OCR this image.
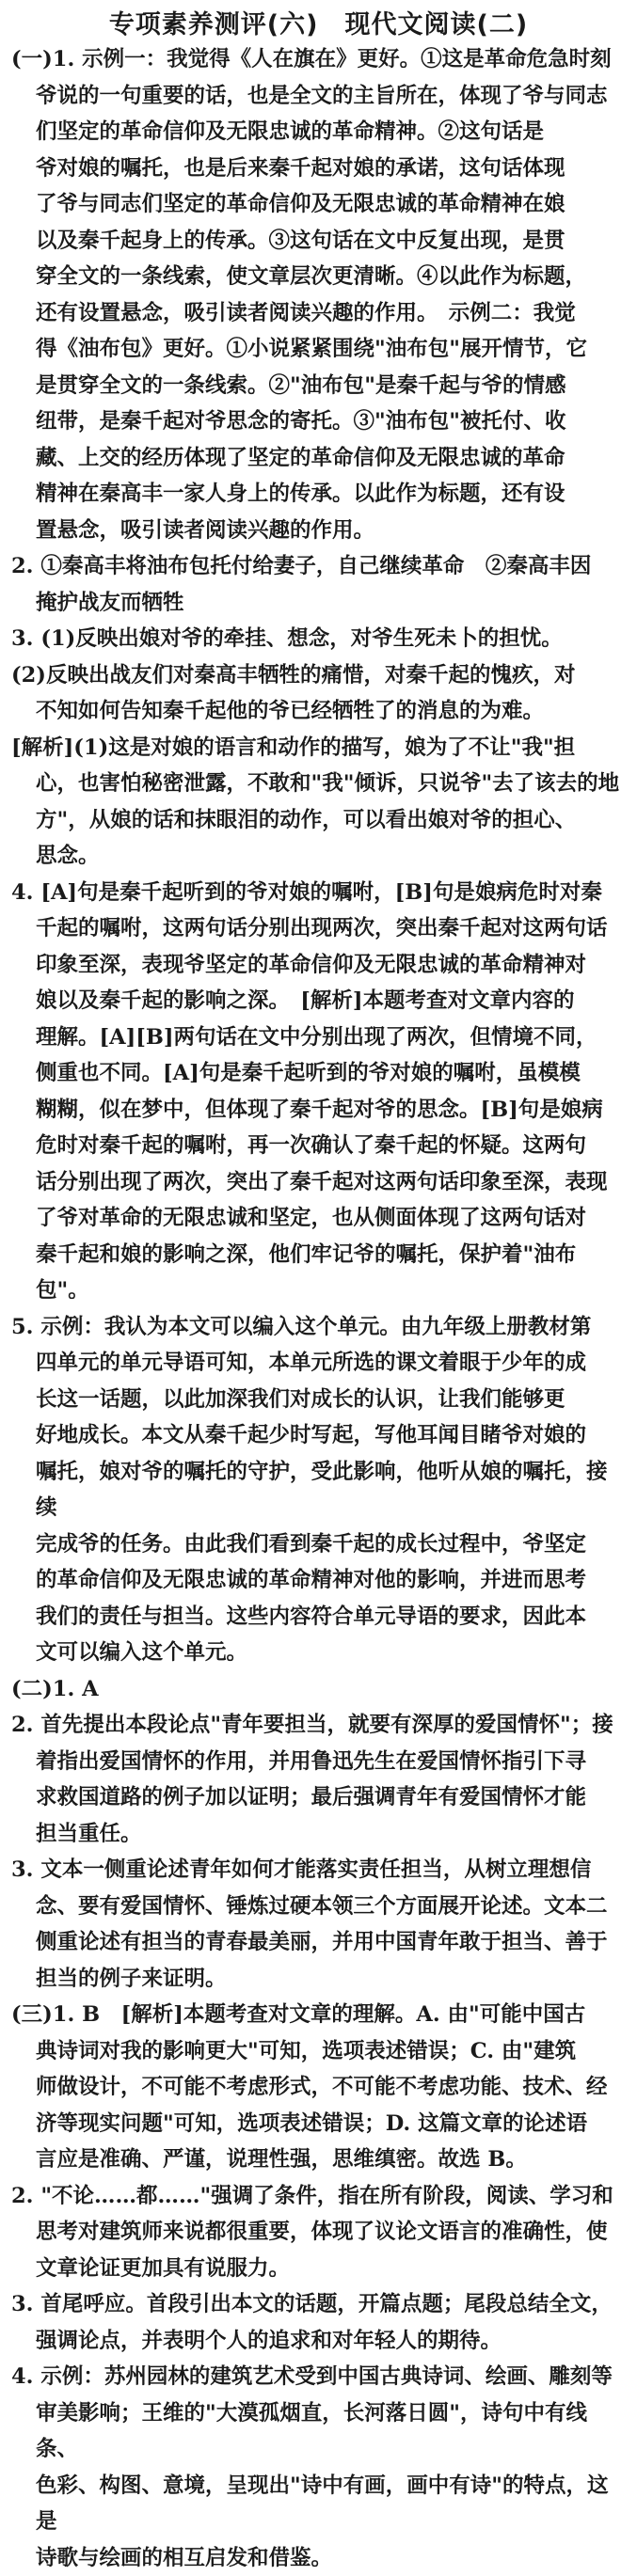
专项素养测评(六)　现代文阅读(二)
(一)1. 示例一：我觉得《人在旗在》更好。①这是革命危急时刻
爷说的一句重要的话，也是全文的主旨所在，体现了爷与同志
们坚定的革命信仰及无限忠诚的革命精神。②这句话是
爷对娘的嘱托，也是后来秦千起对娘的承诺，这句话体现
了爷与同志们坚定的革命信仰及无限忠诚的革命精神在娘
以及秦千起身上的传承。③这句话在文中反复出现，是贯
穿全文的一条线索，使文章层次更清晰。④以此作为标题，
还有设置悬念，吸引读者阅读兴趣的作用。　示例二：我觉
得《油布包》更好。①小说紧紧围绕"油布包"展开情节，它
是贯穿全文的一条线索。②"油布包"是秦千起与爷的情感
纽带，是秦千起对爷思念的寄托。③"油布包"被托付、收
藏、上交的经历体现了坚定的革命信仰及无限忠诚的革命
精神在秦高丰一家人身上的传承。以此作为标题，还有设
置悬念，吸引读者阅读兴趣的作用。
2. ①秦高丰将油布包托付给妻子，自己继续革命　②秦高丰因
掩护战友而牺牲
3. (1)反映出娘对爷的牵挂、想念，对爷生死未卜的担忧。
(2)反映出战友们对秦高丰牺牲的痛惜，对秦千起的愧疚，对
不知如何告知秦千起他的爷已经牺牲了的消息的为难。
[解析](1)这是对娘的语言和动作的描写，娘为了不让"我"担
心，也害怕秘密泄露，不敢和"我"倾诉，只说爷"去了该去的地
方"，从娘的话和抹眼泪的动作，可以看出娘对爷的担心、
思念。
4. [A]句是秦千起听到的爷对娘的嘱咐，[B]句是娘病危时对秦
千起的嘱咐，这两句话分别出现两次，突出秦千起对这两句话
印象至深，表现爷坚定的革命信仰及无限忠诚的革命精神对
娘以及秦千起的影响之深。　[解析]本题考查对文章内容的
理解。[A][B]两句话在文中分别出现了两次，但情境不同，
侧重也不同。[A]句是秦千起听到的爷对娘的嘱咐，虽模模
糊糊，似在梦中，但体现了秦千起对爷的思念。[B]句是娘病
危时对秦千起的嘱咐，再一次确认了秦千起的怀疑。这两句
话分别出现了两次，突出了秦千起对这两句话印象至深，表现
了爷对革命的无限忠诚和坚定，也从侧面体现了这两句话对
秦千起和娘的影响之深，他们牢记爷的嘱托，保护着"油布包"。
5. 示例：我认为本文可以编入这个单元。由九年级上册教材第
四单元的单元导语可知，本单元所选的课文着眼于少年的成
长这一话题，以此加深我们对成长的认识，让我们能够更
好地成长。本文从秦千起少时写起，写他耳闻目睹爷对娘的
嘱托，娘对爷的嘱托的守护，受此影响，他听从娘的嘱托，接续
完成爷的任务。由此我们看到秦千起的成长过程中，爷坚定
的革命信仰及无限忠诚的革命精神对他的影响，并进而思考
我们的责任与担当。这些内容符合单元导语的要求，因此本
文可以编入这个单元。
(二)1. A
2. 首先提出本段论点"青年要担当，就要有深厚的爱国情怀"；接
着指出爱国情怀的作用，并用鲁迅先生在爱国情怀指引下寻
求救国道路的例子加以证明；最后强调青年有爱国情怀才能
担当重任。
3. 文本一侧重论述青年如何才能落实责任担当，从树立理想信
念、要有爱国情怀、锤炼过硬本领三个方面展开论述。文本二
侧重论述有担当的青春最美丽，并用中国青年敢于担当、善于
担当的例子来证明。
(三)1. B　[解析]本题考查对文章的理解。A. 由"可能中国古
典诗词对我的影响更大"可知，选项表述错误；C. 由"建筑
师做设计，不可能不考虑形式，不可能不考虑功能、技术、经
济等现实问题"可知，选项表述错误；D. 这篇文章的论述语
言应是准确、严谨，说理性强，思维缜密。故选 B。
2. "不论……都……"强调了条件，指在所有阶段，阅读、学习和
思考对建筑师来说都很重要，体现了议论文语言的准确性，使
文章论证更加具有说服力。
3. 首尾呼应。首段引出本文的话题，开篇点题；尾段总结全文，
强调论点，并表明个人的追求和对年轻人的期待。
4. 示例：苏州园林的建筑艺术受到中国古典诗词、绘画、雕刻等
审美影响；王维的"大漠孤烟直，长河落日圆"，诗句中有线条、
色彩、构图、意境，呈现出"诗中有画，画中有诗"的特点，这是
诗歌与绘画的相互启发和借鉴。
